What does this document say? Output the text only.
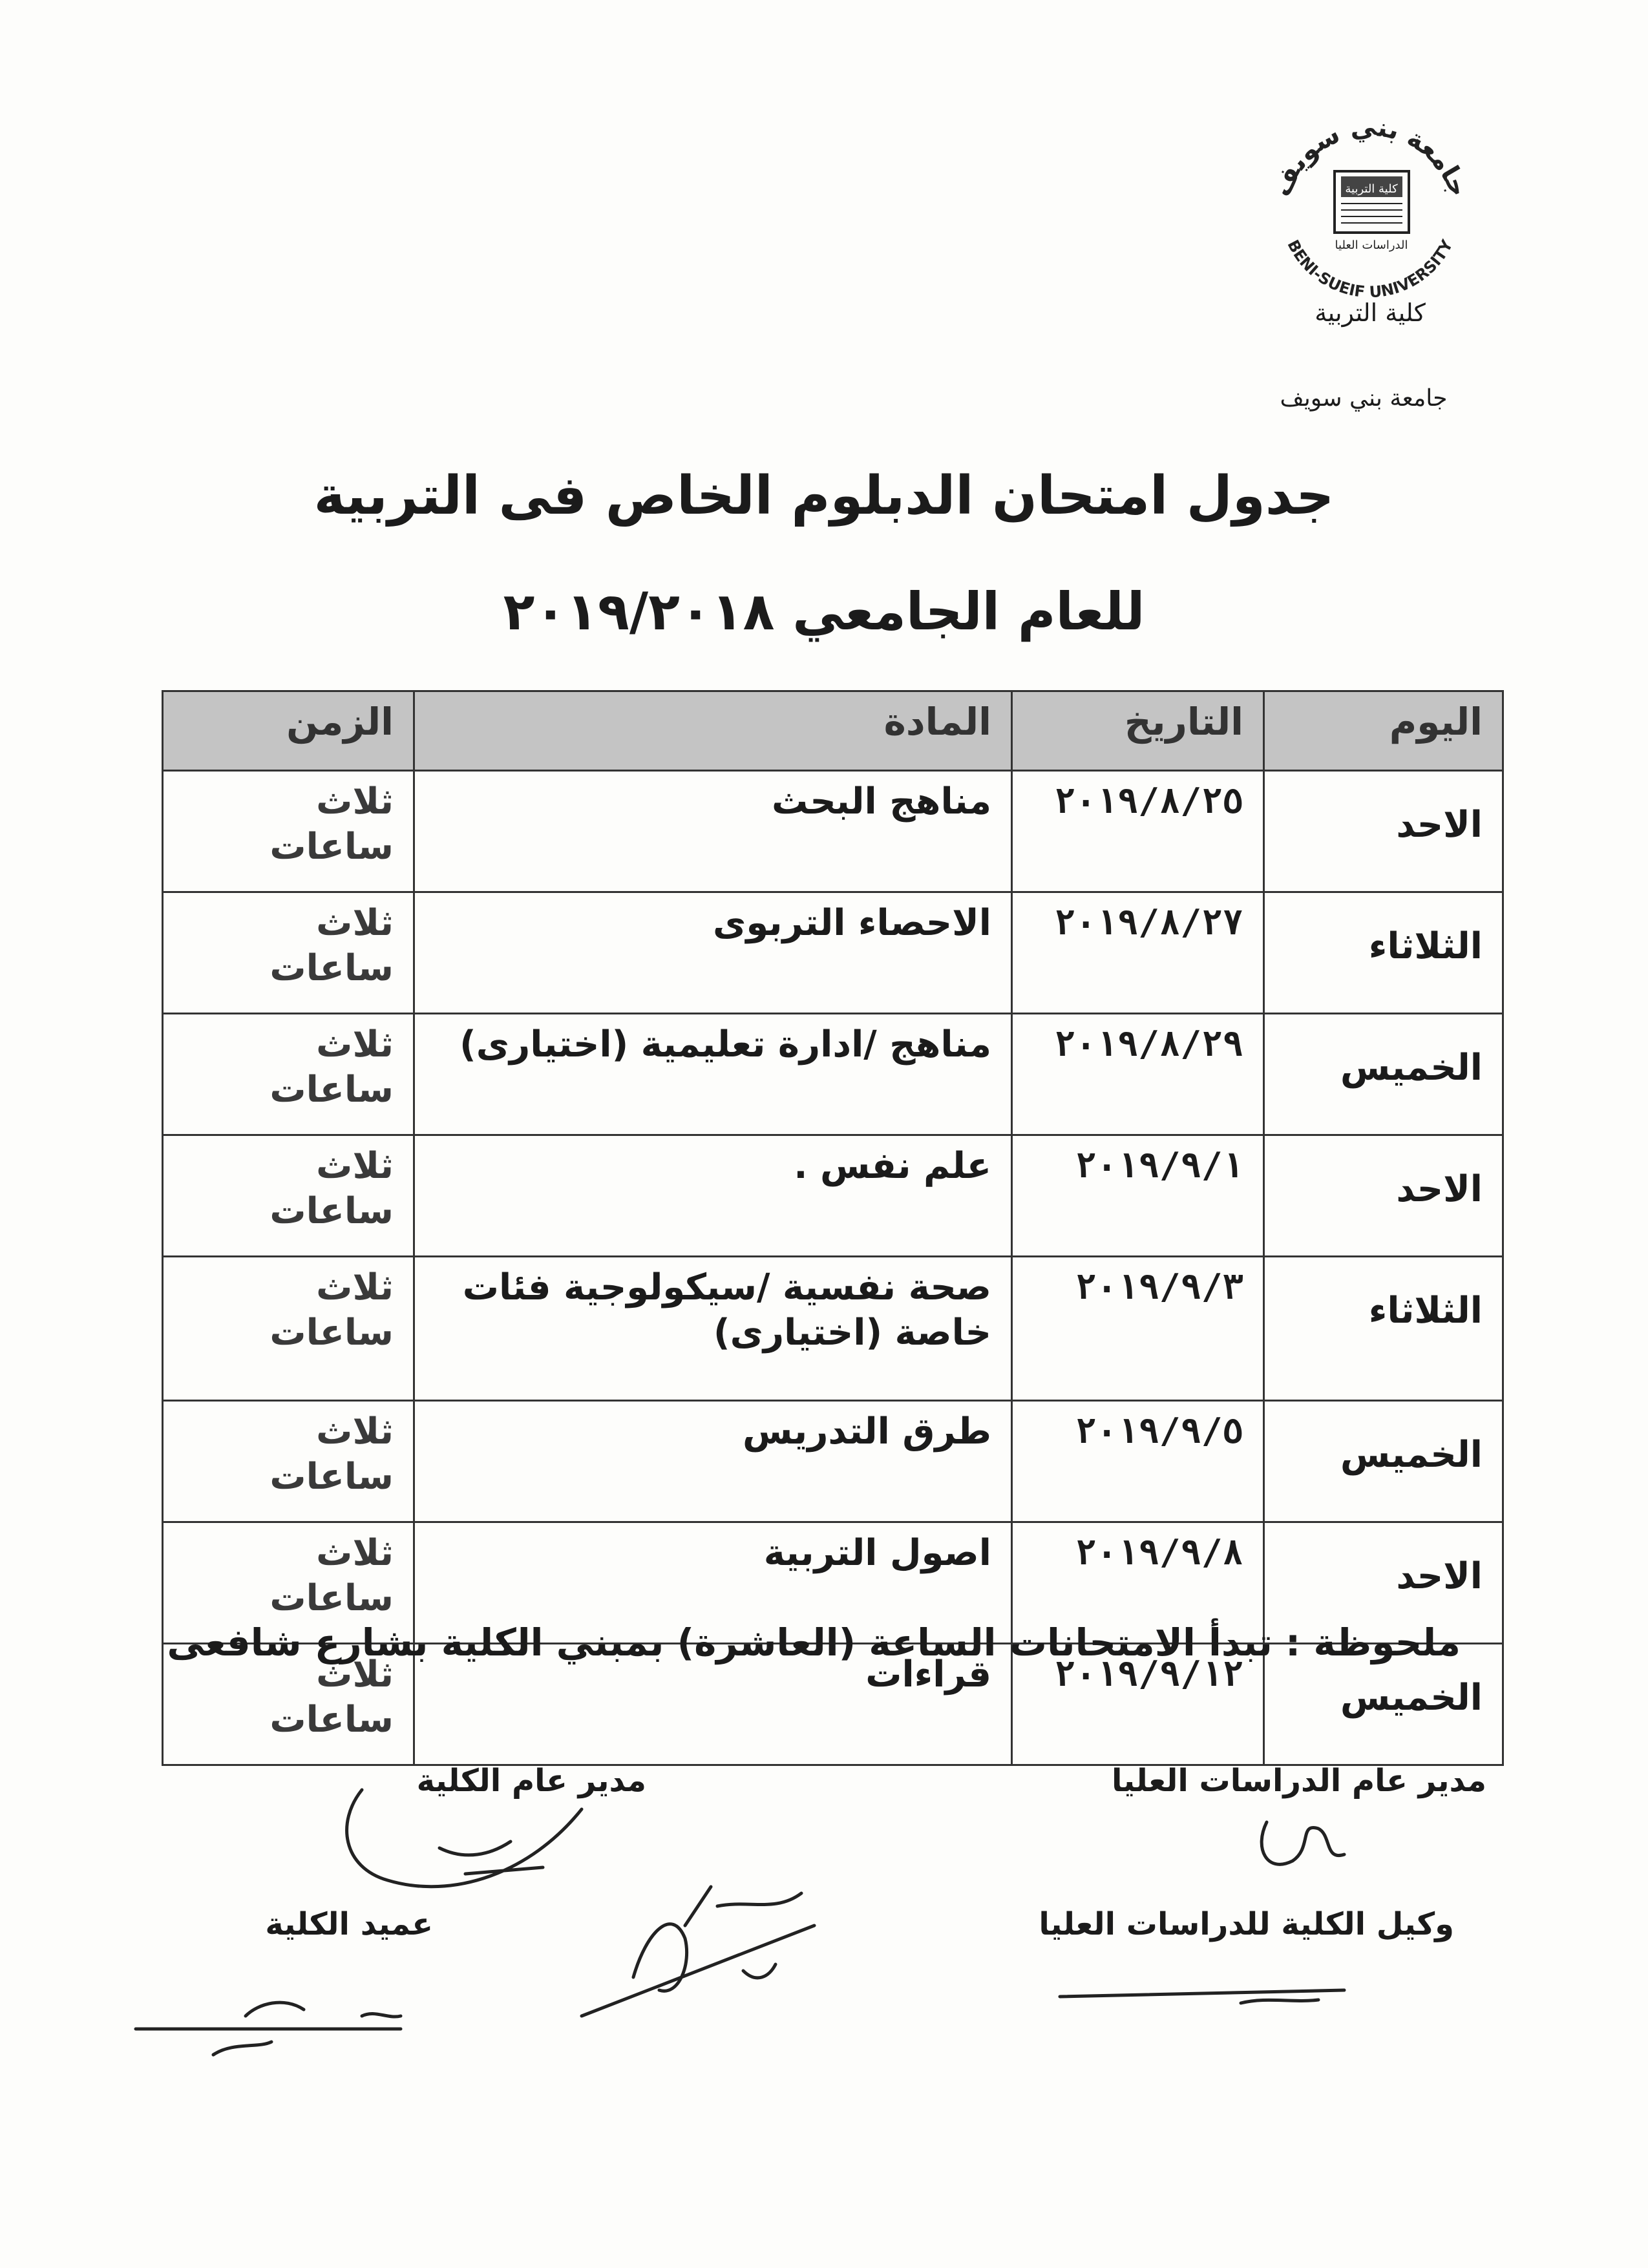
جامعة بني سويف
BENI-SUEIF UNIVERSITY
كلية التربية
الدراسات العليا
كلية التربية
جامعة بني سويف
جدول امتحان الدبلوم الخاص فى التربية
للعام الجامعي ٢٠١٩/٢٠١٨
اليوم	التاريخ	المادة	الزمن
الاحد	٢٠١٩/٨/٢٥	مناهج البحث	ثلاث ساعات
الثلاثاء	٢٠١٩/٨/٢٧	الاحصاء التربوى	ثلاث ساعات
الخميس	٢٠١٩/٨/٢٩	مناهج /ادارة تعليمية (اختيارى)	ثلاث ساعات
الاحد	٢٠١٩/٩/١	علم نفس .	ثلاث ساعات
الثلاثاء	٢٠١٩/٩/٣	صحة نفسية /سيكولوجية فئات خاصة (اختيارى)	ثلاث ساعات
الخميس	٢٠١٩/٩/٥	طرق التدريس	ثلاث ساعات
الاحد	٢٠١٩/٩/٨	اصول التربية	ثلاث ساعات
الخميس	٢٠١٩/٩/١٢	قراءات	ثلاث ساعات
ملحوظة : تبدأ الامتحانات الساعة (العاشرة) بمبني الكلية بشارع شافعى
مدير عام الدراسات العليا
مدير عام الكلية
وكيل الكلية للدراسات العليا
عميد الكلية
